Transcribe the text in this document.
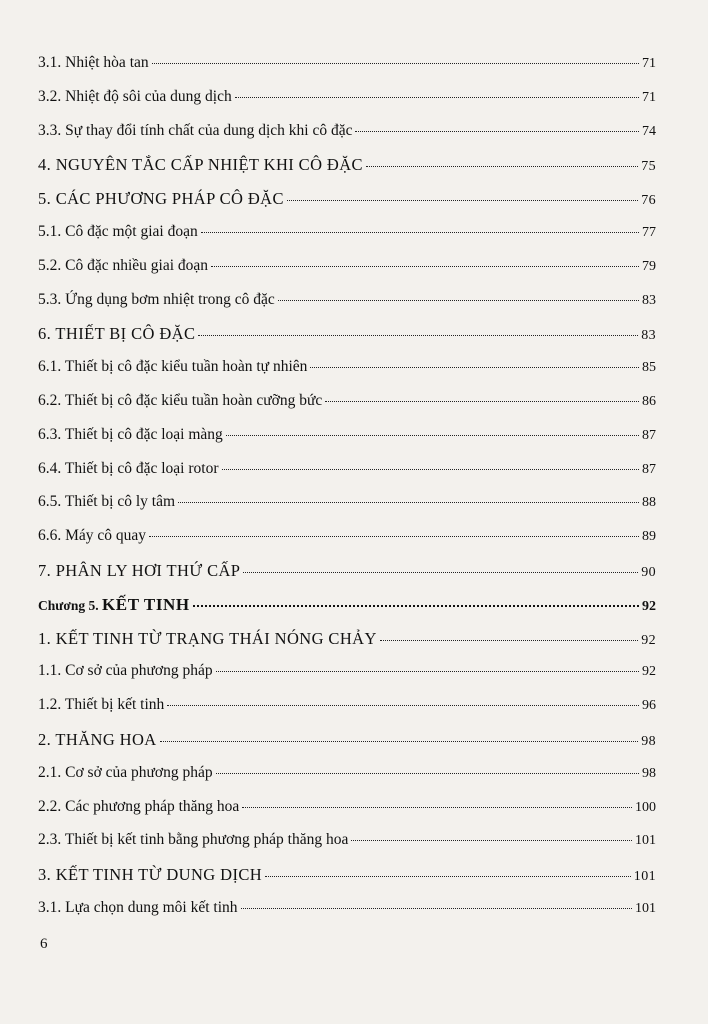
3.1. Nhiệt hòa tan	71
3.2. Nhiệt độ sôi của dung dịch	71
3.3. Sự thay đổi tính chất của dung dịch khi cô đặc	74
4. NGUYÊN TẮC CẤP NHIỆT KHI CÔ ĐẶC	75
5. CÁC PHƯƠNG PHÁP CÔ ĐẶC	76
5.1. Cô đặc một giai đoạn	77
5.2. Cô đặc nhiều giai đoạn	79
5.3. Ứng dụng bơm nhiệt trong cô đặc	83
6. THIẾT BỊ CÔ ĐẶC	83
6.1. Thiết bị cô đặc kiểu tuần hoàn tự nhiên	85
6.2. Thiết bị cô đặc kiểu tuần hoàn cưỡng bức	86
6.3. Thiết bị cô đặc loại màng	87
6.4. Thiết bị cô đặc loại rotor	87
6.5. Thiết bị cô ly tâm	88
6.6. Máy cô quay	89
7. PHÂN LY HƠI THỨ CẤP	90
Chương 5. KẾT TINH	92
1. KẾT TINH TỪ TRẠNG THÁI NÓNG CHẢY	92
1.1. Cơ sở của phương pháp	92
1.2. Thiết bị kết tinh	96
2. THĂNG HOA	98
2.1. Cơ sở của phương pháp	98
2.2. Các phương pháp thăng hoa	100
2.3. Thiết bị kết tinh bằng phương pháp thăng hoa	101
3. KẾT TINH TỪ DUNG DỊCH	101
3.1. Lựa chọn dung môi kết tinh	101
6
